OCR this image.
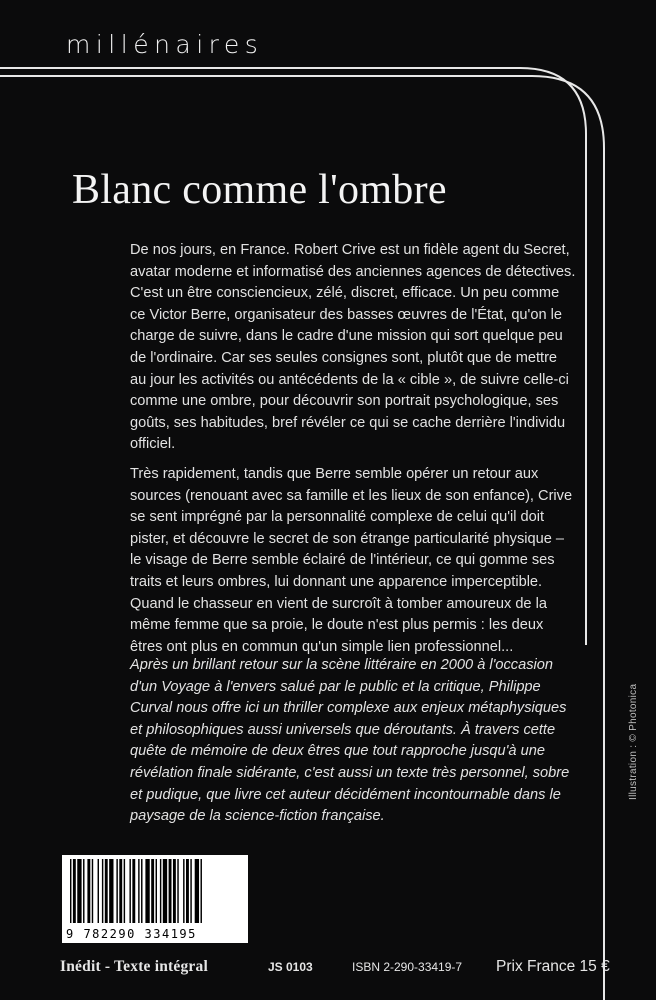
millénaires
Blanc comme l'ombre

De nos jours, en France. Robert Crive est un fidèle agent du Secret, avatar moderne et informatisé des anciennes agences de détectives. C'est un être consciencieux, zélé, discret, efficace. Un peu comme ce Victor Berre, organisateur des basses œuvres de l'État, qu'on le charge de suivre, dans le cadre d'une mission qui sort quelque peu de l'ordinaire. Car ses seules consignes sont, plutôt que de mettre au jour les activités ou antécédents de la « cible », de suivre celle-ci comme une ombre, pour découvrir son portrait psychologique, ses goûts, ses habitudes, bref révéler ce qui se cache derrière l'individu officiel.

Très rapidement, tandis que Berre semble opérer un retour aux sources (renouant avec sa famille et les lieux de son enfance), Crive se sent imprégné par la personnalité complexe de celui qu'il doit pister, et découvre le secret de son étrange particularité physique – le visage de Berre semble éclairé de l'intérieur, ce qui gomme ses traits et leurs ombres, lui donnant une apparence imperceptible. Quand le chasseur en vient de surcroît à tomber amoureux de la même femme que sa proie, le doute n'est plus permis : les deux êtres ont plus en commun qu'un simple lien professionnel...

Après un brillant retour sur la scène littéraire en 2000 à l'occasion d'un Voyage à l'envers salué par le public et la critique, Philippe Curval nous offre ici un thriller complexe aux enjeux métaphysiques et philosophiques aussi universels que déroutants. À travers cette quête de mémoire de deux êtres que tout rapproche jusqu'à une révélation finale sidérante, c'est aussi un texte très personnel, sobre et pudique, que livre cet auteur décidément incontournable dans le paysage de la science-fiction française.
Illustration : © Photonica
9 782290 334195
Inédit - Texte intégral	JS 0103	ISBN 2-290-33419-7 Prix France 15 €
